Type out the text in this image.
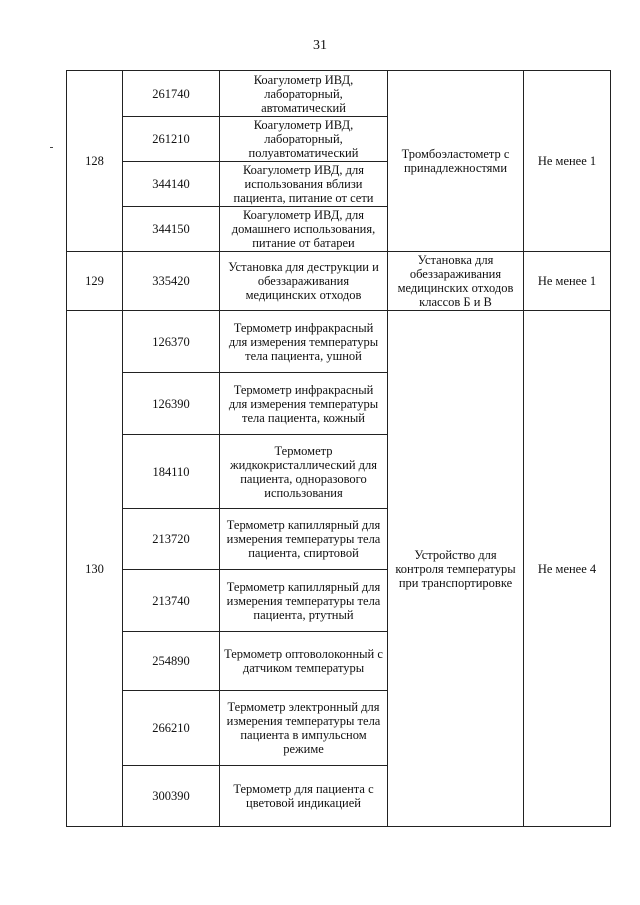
31
128	261740	Коагулометр ИВД, лабораторный, автоматический	Тромбоэластометр с принадлежностями	Не менее 1
	261210	Коагулометр ИВД, лабораторный, полуавтоматический		
	344140	Коагулометр ИВД, для использования вблизи пациента, питание от сети		
	344150	Коагулометр ИВД, для домашнего использования, питание от батареи		
129	335420	Установка для деструкции и обеззараживания медицинских отходов	Установка для обеззараживания медицинских отходов классов Б и В	Не менее 1
130	126370	Термометр инфракрасный для измерения температуры тела пациента, ушной	Устройство для контроля температуры при транспортировке	Не менее 4
	126390	Термометр инфракрасный для измерения температуры тела пациента, кожный		
	184110	Термометр жидкокристаллический для пациента, одноразового использования		
	213720	Термометр капиллярный для измерения температуры тела пациента, спиртовой		
	213740	Термометр капиллярный для измерения температуры тела пациента, ртутный		
	254890	Термометр оптоволоконный с датчиком температуры		
	266210	Термометр электронный для измерения температуры тела пациента в импульсном режиме		
	300390	Термометр для пациента с цветовой индикацией		
